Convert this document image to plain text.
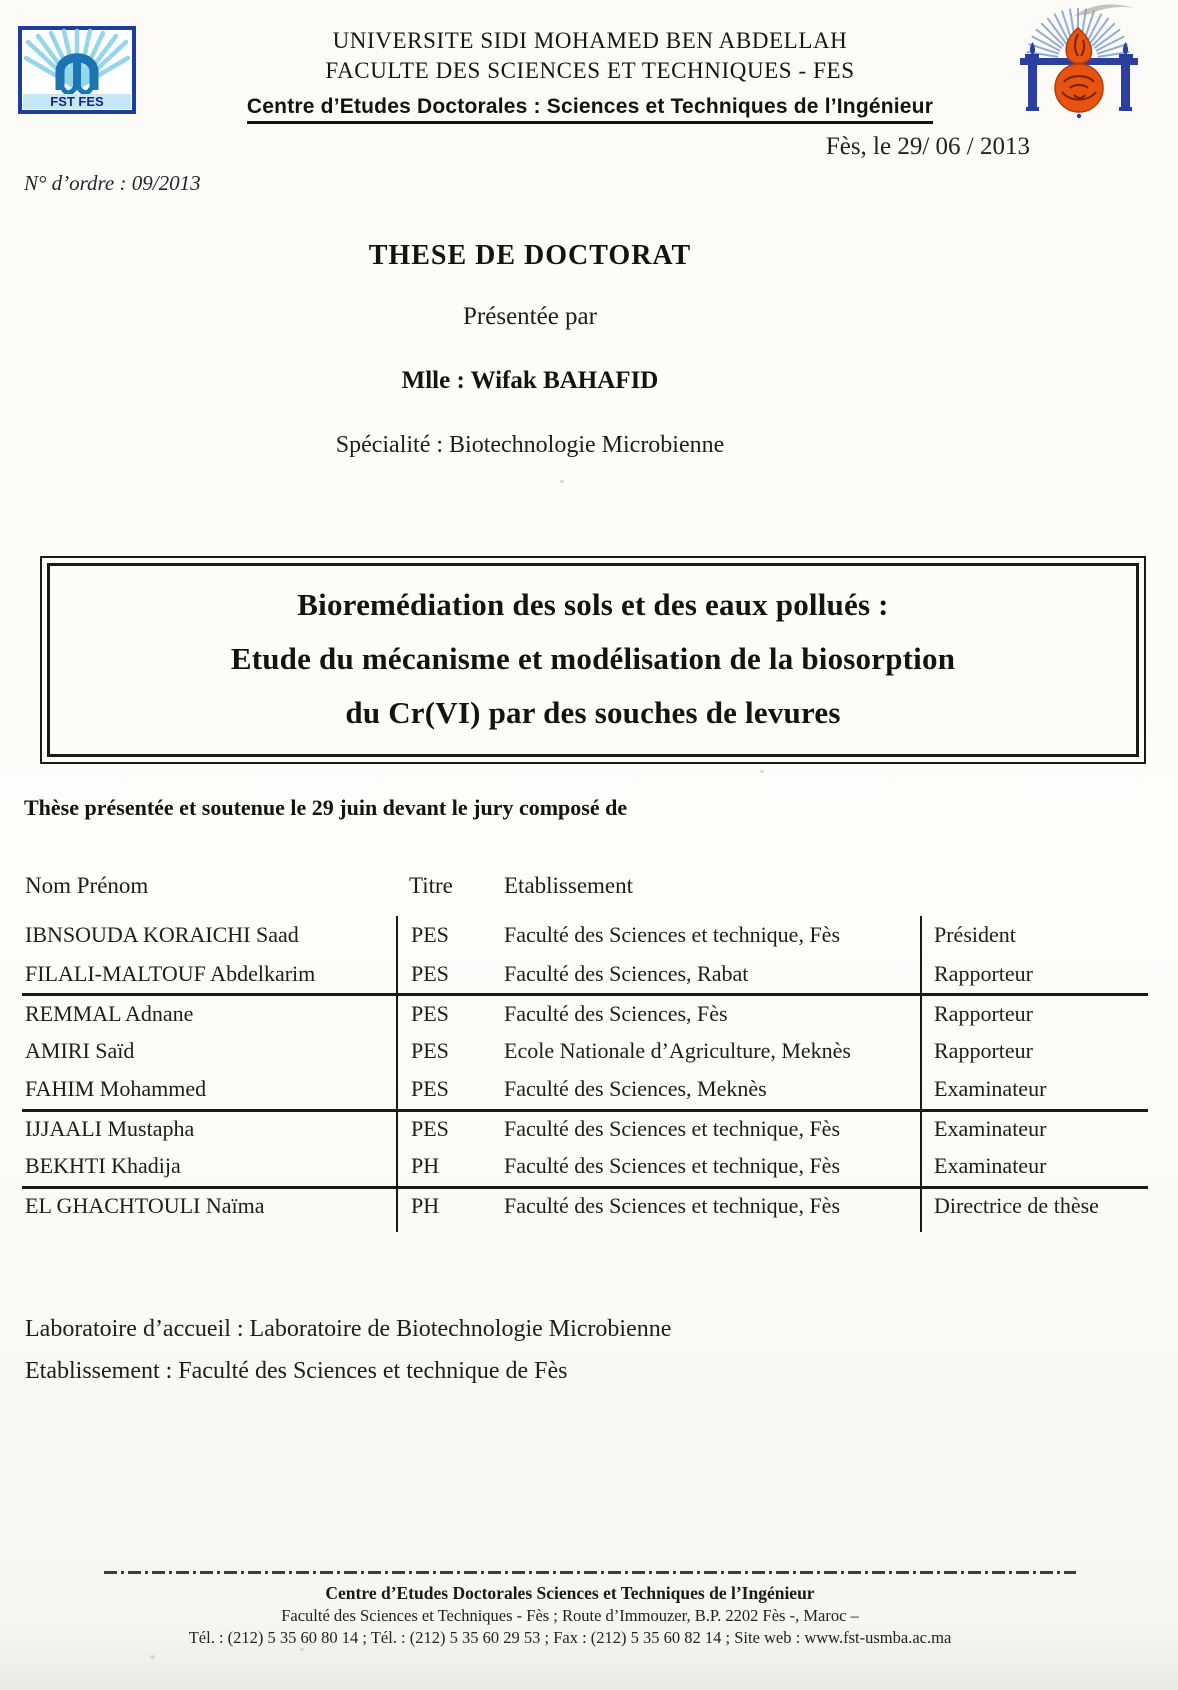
FST FES
UNIVERSITE SIDI MOHAMED BEN ABDELLAH
FACULTE DES SCIENCES ET TECHNIQUES - FES
Centre d’Etudes Doctorales : Sciences et Techniques de l’Ingénieur
Fès, le 29/ 06 / 2013
N° d’ordre : 09/2013
THESE DE DOCTORAT
Présentée par
Mlle : Wifak BAHAFID
Spécialité : Biotechnologie Microbienne
Bioremédiation des sols et des eaux pollués :
Etude du mécanisme et modélisation de la biosorption
du Cr(VI) par des souches de levures
Thèse présentée et soutenue le 29 juin devant le jury composé de
Nom Prénom	Titre	Etablissement
IBNSOUDA KORAICHI Saad	PES	Faculté des Sciences et technique, Fès	Président
FILALI-MALTOUF Abdelkarim	PES	Faculté des Sciences, Rabat	Rapporteur
REMMAL Adnane	PES	Faculté des Sciences, Fès	Rapporteur
AMIRI Saïd	PES	Ecole Nationale d’Agriculture, Meknès	Rapporteur
FAHIM Mohammed	PES	Faculté des Sciences, Meknès	Examinateur
IJJAALI Mustapha	PES	Faculté des Sciences et technique, Fès	Examinateur
BEKHTI Khadija	PH	Faculté des Sciences et technique, Fès	Examinateur
EL GHACHTOULI Naïma	PH	Faculté des Sciences et technique, Fès	Directrice de thèse
Laboratoire d’accueil : Laboratoire de Biotechnologie Microbienne
Etablissement : Faculté des Sciences et technique de Fès
Centre d’Etudes Doctorales Sciences et Techniques de l’Ingénieur
Faculté des Sciences et Techniques - Fès ; Route d’Immouzer, B.P. 2202 Fès -, Maroc –
Tél. : (212) 5 35 60 80 14 ; Tél. : (212) 5 35 60 29 53 ; Fax : (212) 5 35 60 82 14 ; Site web : www.fst-usmba.ac.ma
